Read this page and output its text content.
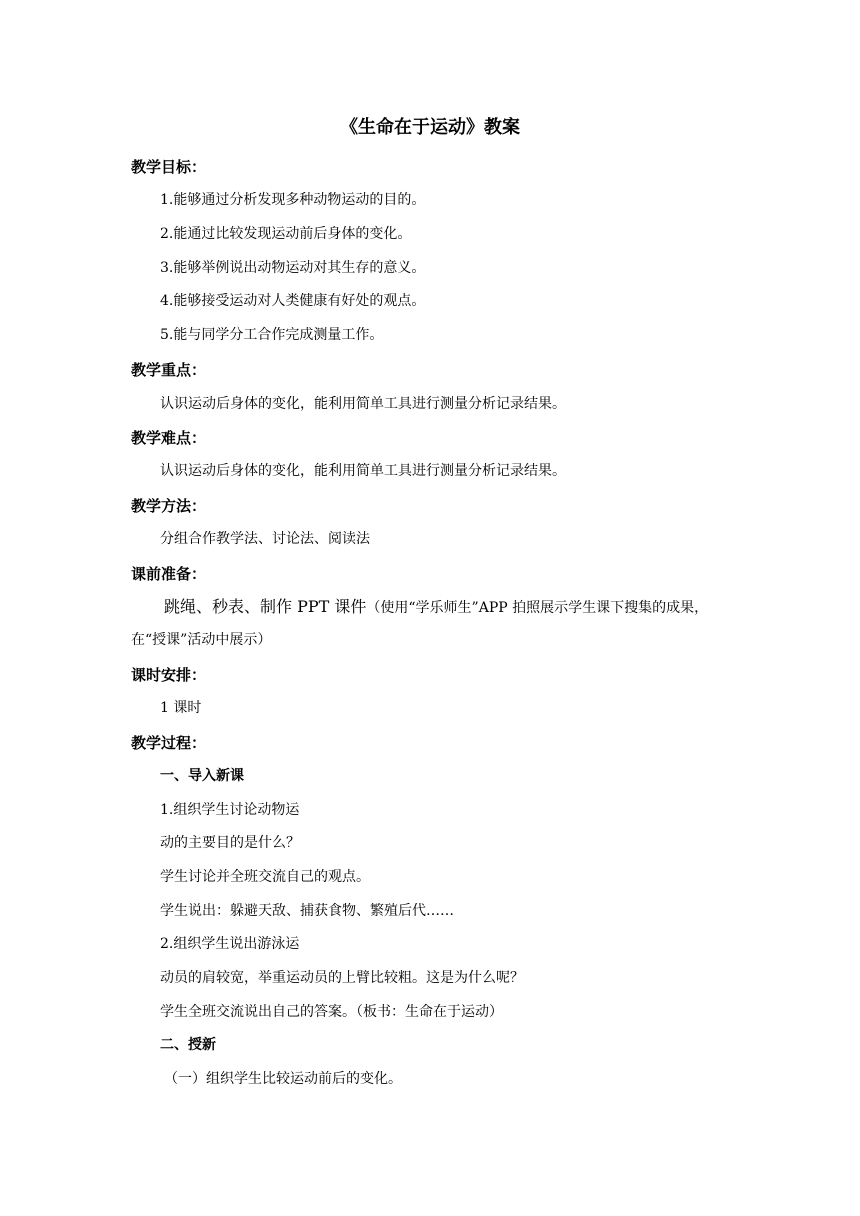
《生命在于运动》教案
教学目标：
1.能够通过分析发现多种动物运动的目的。
2.能通过比较发现运动前后身体的变化。
3.能够举例说出动物运动对其生存的意义。
4.能够接受运动对人类健康有好处的观点。
5.能与同学分工合作完成测量工作。
教学重点：
认识运动后身体的变化，能利用简单工具进行测量分析记录结果。
教学难点：
认识运动后身体的变化，能利用简单工具进行测量分析记录结果。
教学方法：
分组合作教学法、讨论法、阅读法
课前准备：
跳绳、秒表、制作 PPT 课件（使用“学乐师生”APP 拍照展示学生课下搜集的成果，
在“授课”活动中展示）
课时安排：
1 课时
教学过程：
一、导入新课
1.组织学生讨论动物运
动的主要目的是什么？
学生讨论并全班交流自己的观点。
学生说出：躲避天敌、捕获食物、繁殖后代……
2.组织学生说出游泳运
动员的肩较宽，举重运动员的上臂比较粗。这是为什么呢？
学生全班交流说出自己的答案。（板书：生命在于运动）
二、授新
（一）组织学生比较运动前后的变化。
